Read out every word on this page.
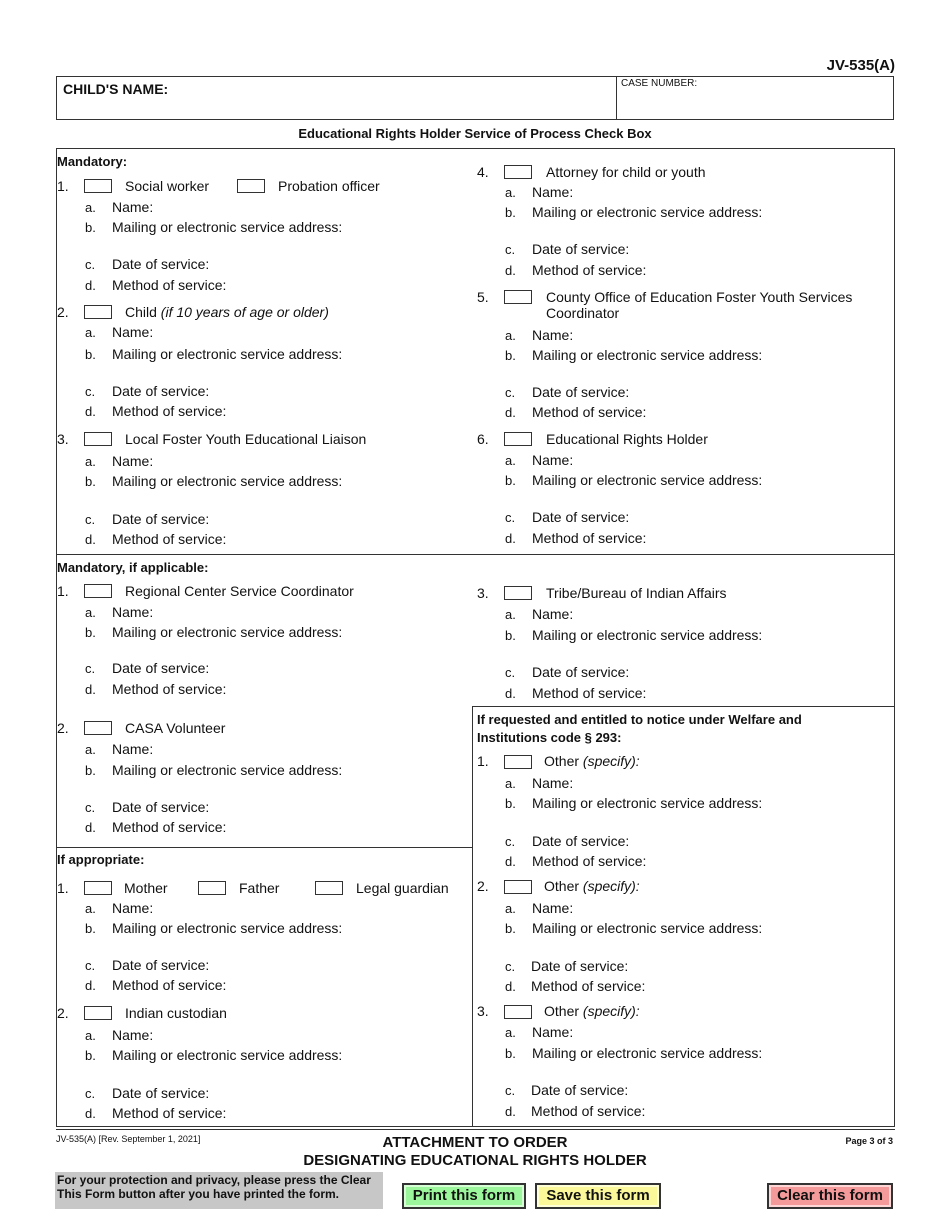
JV-535(A)
CHILD'S NAME:	CASE NUMBER:
Educational Rights Holder Service of Process Check Box
Mandatory:
Mandatory, if applicable:
If appropriate:
If requested and entitled to notice under Welfare and
Institutions code § 293:
1.	Social worker	Probation officer
a. Name:
b. Mailing or electronic service address:
c. Date of service:
d. Method of service:
2.	Child (if 10 years of age or older)
a. Name:
b. Mailing or electronic service address:
c. Date of service:
d. Method of service:
3.	Local Foster Youth Educational Liaison
a. Name:
b. Mailing or electronic service address:
c. Date of service:
d. Method of service:
4.	Attorney for child or youth
a. Name:
b. Mailing or electronic service address:
c. Date of service:
d. Method of service:
5.	County Office of Education Foster Youth Services
Coordinator
a. Name:
b. Mailing or electronic service address:
c. Date of service:
d. Method of service:
6.	Educational Rights Holder
a. Name:
b. Mailing or electronic service address:
c. Date of service:
d. Method of service:
1.	Regional Center Service Coordinator
a. Name:
b. Mailing or electronic service address:
c. Date of service:
d. Method of service:
2.	CASA Volunteer
a. Name:
b. Mailing or electronic service address:
c. Date of service:
d. Method of service:
3.	Tribe/Bureau of Indian Affairs
a. Name:
b. Mailing or electronic service address:
c. Date of service:
d. Method of service:
1.	Mother	Father	Legal guardian
a. Name:
b. Mailing or electronic service address:
c. Date of service:
d. Method of service:
2.	Indian custodian
a. Name:
b. Mailing or electronic service address:
c. Date of service:
d. Method of service:
1.	Other (specify):
a. Name:
b. Mailing or electronic service address:
c. Date of service:
d. Method of service:
2.	Other (specify):
a. Name:
b. Mailing or electronic service address:
c. Date of service:
d. Method of service:
3.	Other (specify):
a. Name:
b. Mailing or electronic service address:
c. Date of service:
d. Method of service:
JV-535(A) [Rev. September 1, 2021]	ATTACHMENT TO ORDER
DESIGNATING EDUCATIONAL RIGHTS HOLDER
Page 3 of 3
For your protection and privacy, please press the Clear
This Form button after you have printed the form.	Print this form	Save this form	Clear this form
